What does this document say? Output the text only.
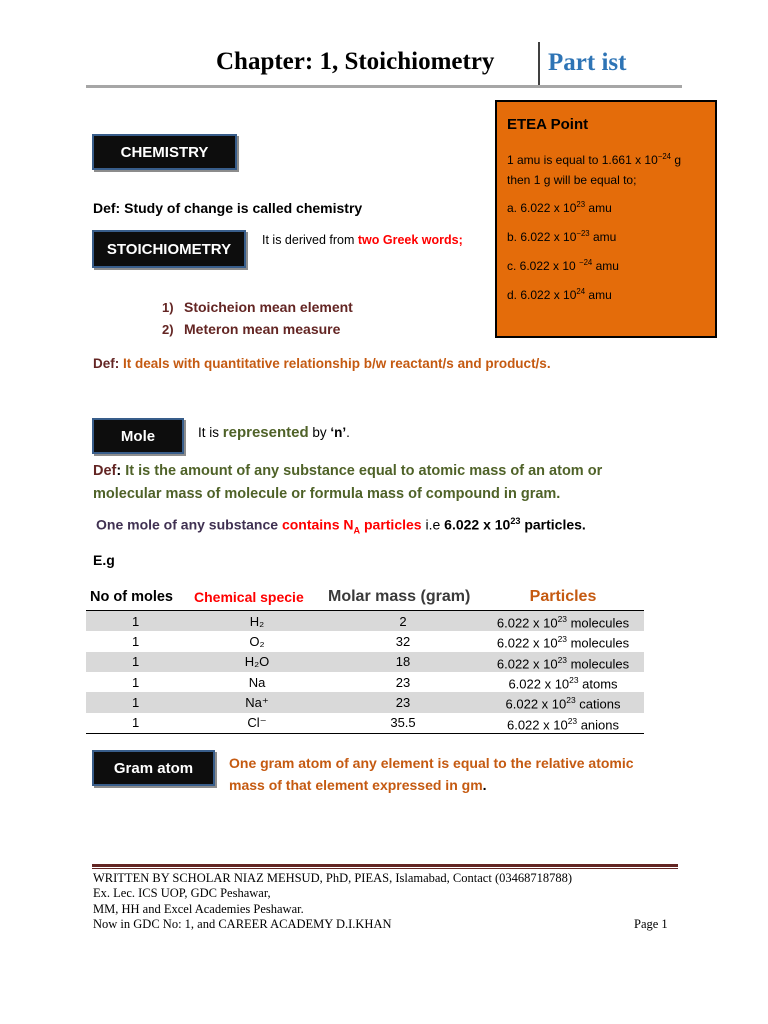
Chapter: 1, Stoichiometry Part ist
ETEA Point
1 amu is equal to 1.661 x $10^{-24}$ g then 1 g will be equal to;
a. 6.022 x $10^{23}$ amu
b. 6.022 x $10^{-23}$ amu
c. 6.022 x 10 $^{-24}$ amu
d. 6.022 x $10^{24}$ amu
CHEMISTRY
Def: Study of change is called chemistry
STOICHIOMETRY
It is derived from two Greek words;
1) Stoicheion mean element
2) Meteron mean measure
Def: It deals with quantitative relationship b/w reactant/s and product/s.
Mole	It is represented by ‘n’.
Def: It is the amount of any substance equal to atomic mass of an atom or
molecular mass of molecule or formula mass of compound in gram.
One mole of any substance contains $N_A$ particles i.e 6.022 x $10^{23}$ particles.
E.g
No of moles	Chemical specie	Molar mass (gram)	Particles
1	H₂	2	6.022 x $10^{23}$ molecules
1	O₂	32	6.022 x $10^{23}$ molecules
1	H₂O	18	6.022 x $10^{23}$ molecules
1	Na	23	6.022 x $10^{23}$ atoms
1	Na⁺	23	6.022 x $10^{23}$ cations
1	Cl⁻	35.5	6.022 x $10^{23}$ anions
Gram atom	One gram atom of any element is equal to the relative atomic
mass of that element expressed in gm.
WRITTEN BY SCHOLAR NIAZ MEHSUD, PhD, PIEAS, Islamabad, Contact (03468718788)
Ex. Lec. ICS UOP, GDC Peshawar,
MM, HH and Excel Academies Peshawar.
Now in GDC No: 1, and CAREER ACADEMY D.I.KHAN	Page 1
